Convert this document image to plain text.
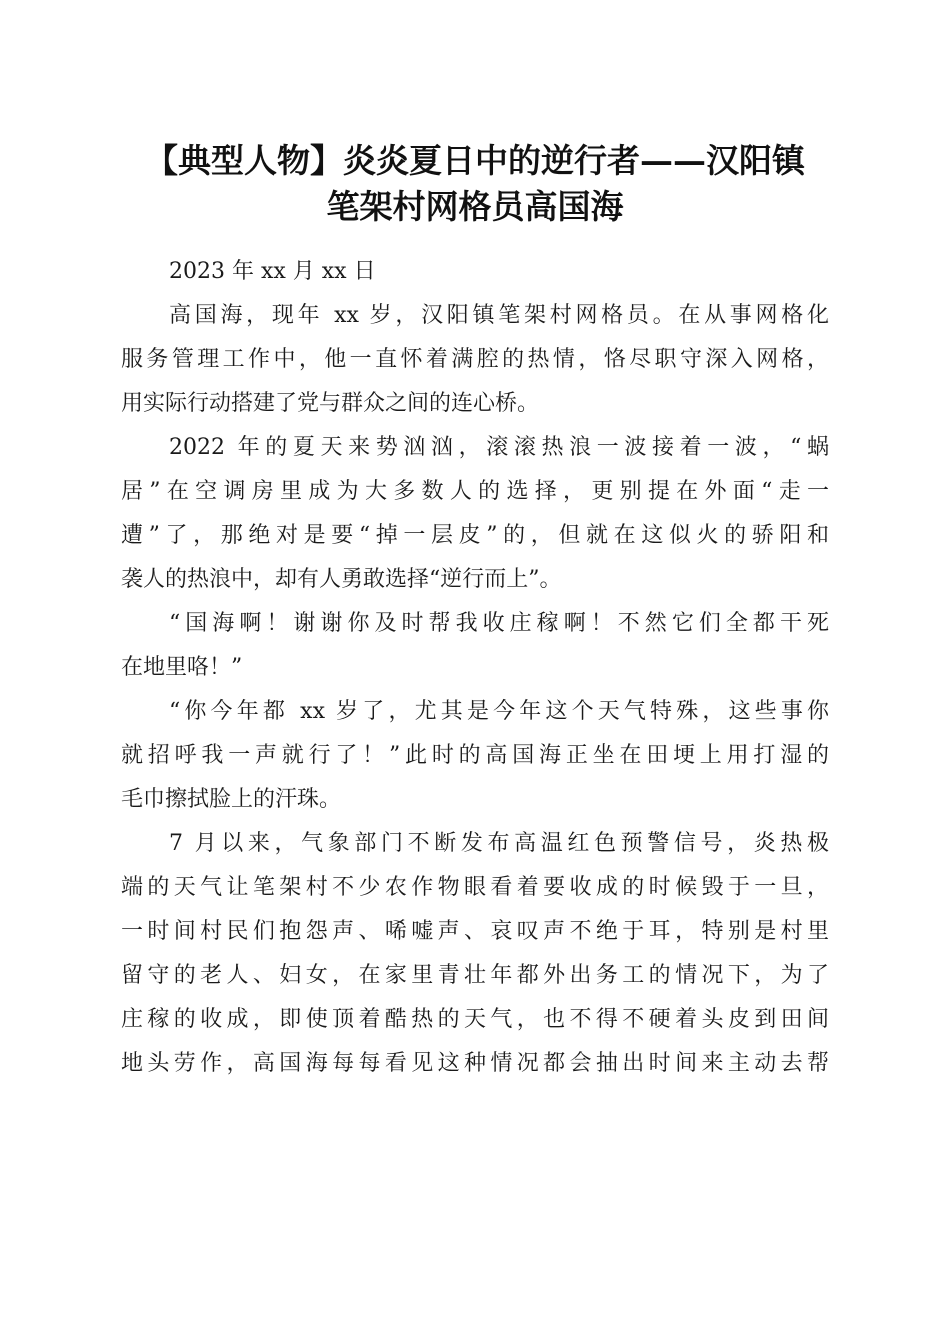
【典型人物】炎炎夏日中的逆行者——汉阳镇
笔架村网格员高国海
2023 年 xx 月 xx 日
高国海，现年 xx 岁，汉阳镇笔架村网格员。在从事网格化
服务管理工作中，他一直怀着满腔的热情，恪尽职守深入网格，
用实际行动搭建了党与群众之间的连心桥。
2022 年的夏天来势汹汹，滚滚热浪一波接着一波，“蜗
居”在空调房里成为大多数人的选择，更别提在外面“走一
遭”了，那绝对是要“掉一层皮”的，但就在这似火的骄阳和
袭人的热浪中，却有人勇敢选择“逆行而上”。
“国海啊！谢谢你及时帮我收庄稼啊！不然它们全都干死
在地里咯！”
“你今年都 xx 岁了，尤其是今年这个天气特殊，这些事你
就招呼我一声就行了！”此时的高国海正坐在田埂上用打湿的
毛巾擦拭脸上的汗珠。
7 月以来，气象部门不断发布高温红色预警信号，炎热极
端的天气让笔架村不少农作物眼看着要收成的时候毁于一旦，
一时间村民们抱怨声、唏嘘声、哀叹声不绝于耳，特别是村里
留守的老人、妇女，在家里青壮年都外出务工的情况下，为了
庄稼的收成，即使顶着酷热的天气，也不得不硬着头皮到田间
地头劳作，高国海每每看见这种情况都会抽出时间来主动去帮
